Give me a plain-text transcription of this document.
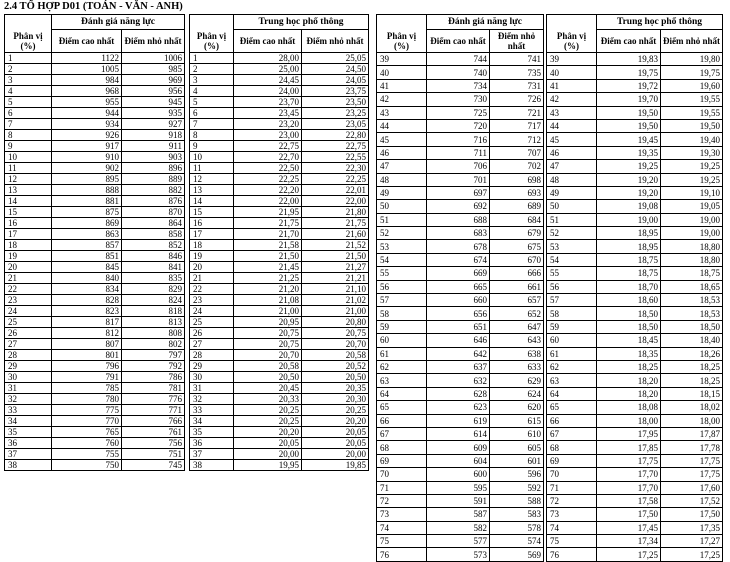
2.4 TỔ HỢP D01 (TOÁN - VĂN - ANH)
	Đánh giá năng lực	
Phân vị (%)	Điểm cao nhất	Điểm nhỏ nhất
1	1122	1006
2	1005	985
3	984	969
4	968	956
5	955	945
6	944	935
7	934	927
8	926	918
9	917	911
10	910	903
11	902	896
12	895	889
13	888	882
14	881	876
15	875	870
16	869	864
17	863	858
18	857	852
19	851	846
20	845	841
21	840	835
22	834	829
23	828	824
24	823	818
25	817	813
26	812	808
27	807	802
28	801	797
29	796	792
30	791	786
31	785	781
32	780	776
33	775	771
34	770	766
35	765	761
36	760	756
37	755	751
38	750	745
	Trung học phổ thông	
Phân vị (%)	Điểm cao nhất	Điểm nhỏ nhất
1	28,00	25,05
2	25,00	24,50
3	24,45	24,05
4	24,00	23,75
5	23,70	23,50
6	23,45	23,25
7	23,20	23,05
8	23,00	22,80
9	22,75	22,75
10	22,70	22,55
11	22,50	22,30
12	22,25	22,25
13	22,20	22,01
14	22,00	22,00
15	21,95	21,80
16	21,75	21,75
17	21,70	21,60
18	21,58	21,52
19	21,50	21,50
20	21,45	21,27
21	21,25	21,21
22	21,20	21,10
23	21,08	21,02
24	21,00	21,00
25	20,95	20,80
26	20,75	20,75
27	20,75	20,70
28	20,70	20,58
29	20,58	20,52
30	20,50	20,50
31	20,45	20,35
32	20,33	20,30
33	20,25	20,25
34	20,25	20,20
35	20,20	20,05
36	20,05	20,05
37	20,00	20,00
38	19,95	19,85
	Đánh giá năng lực	
Phân vị (%)	Điểm cao nhất	Điểm nhỏ nhất
39	744	741
40	740	735
41	734	731
42	730	726
43	725	721
44	720	717
45	716	712
46	711	707
47	706	702
48	701	698
49	697	693
50	692	689
51	688	684
52	683	679
53	678	675
54	674	670
55	669	666
56	665	661
57	660	657
58	656	652
59	651	647
60	646	643
61	642	638
62	637	633
63	632	629
64	628	624
65	623	620
66	619	615
67	614	610
68	609	605
69	604	601
70	600	596
71	595	592
72	591	588
73	587	583
74	582	578
75	577	574
76	573	569
	Trung học phổ thông	
Phân vị (%)	Điểm cao nhất	Điểm nhỏ nhất
39	19,83	19,80
40	19,75	19,75
41	19,72	19,60
42	19,70	19,55
43	19,50	19,55
44	19,50	19,50
45	19,45	19,40
46	19,35	19,30
47	19,25	19,25
48	19,20	19,25
49	19,20	19,10
50	19,08	19,05
51	19,00	19,00
52	18,95	19,00
53	18,95	18,80
54	18,75	18,80
55	18,75	18,75
56	18,70	18,65
57	18,60	18,53
58	18,50	18,53
59	18,50	18,50
60	18,45	18,40
61	18,35	18,26
62	18,25	18,25
63	18,20	18,25
64	18,20	18,15
65	18,08	18,02
66	18,00	18,00
67	17,95	17,87
68	17,85	17,78
69	17,75	17,75
70	17,70	17,75
71	17,70	17,60
72	17,58	17,52
73	17,50	17,50
74	17,45	17,35
75	17,34	17,27
76	17,25	17,25
